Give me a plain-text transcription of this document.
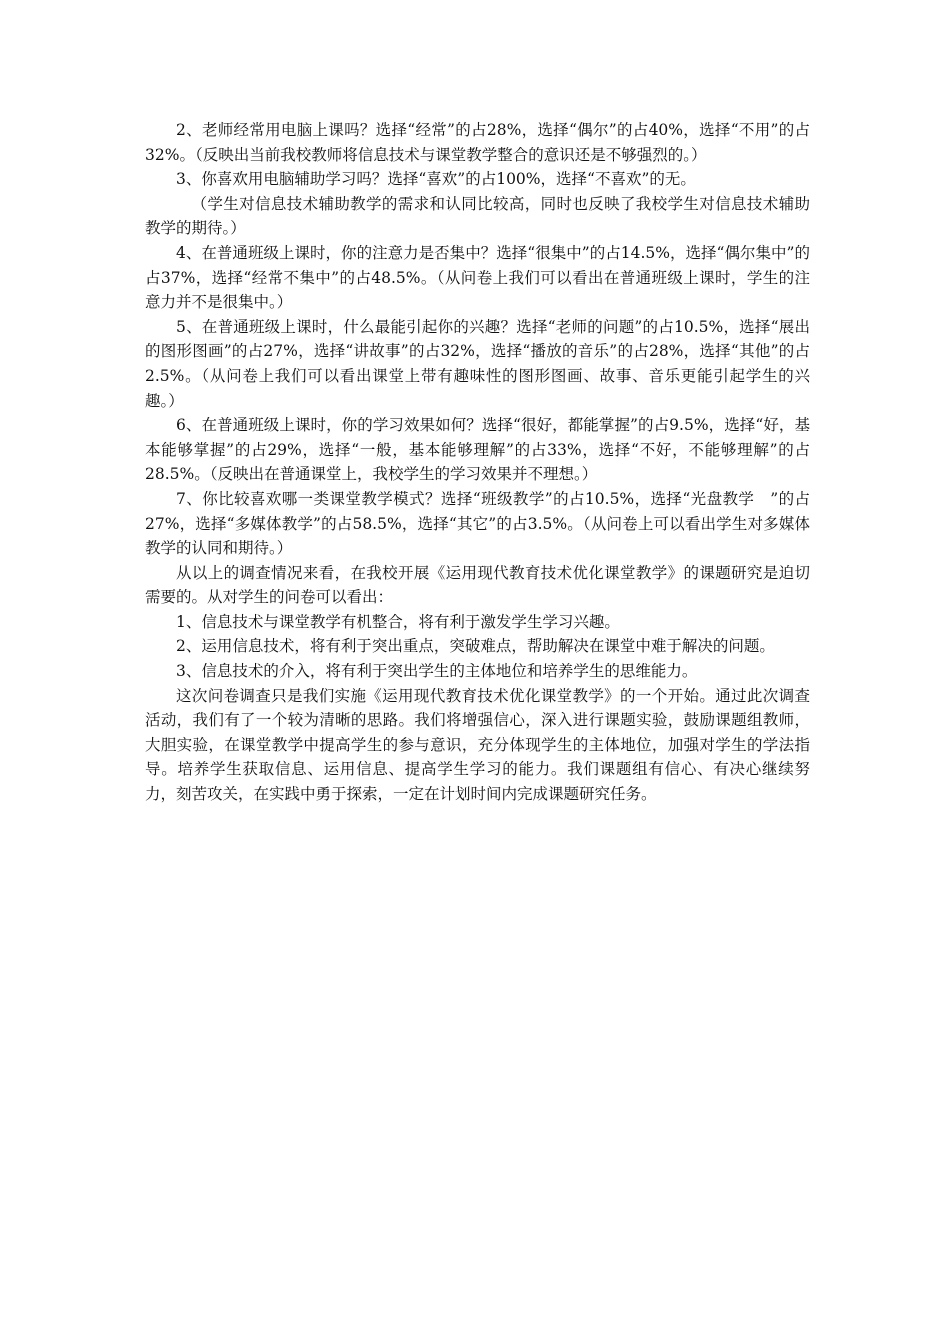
2、老师经常用电脑上课吗？选择“经常”的占28%，选择“偶尔”的占40%，选择“不用”的占32%。（反映出当前我校教师将信息技术与课堂教学整合的意识还是不够强烈的。）

3、你喜欢用电脑辅助学习吗？选择“喜欢”的占100%，选择“不喜欢”的无。

（学生对信息技术辅助教学的需求和认同比较高，同时也反映了我校学生对信息技术辅助教学的期待。）

4、在普通班级上课时，你的注意力是否集中？选择“很集中”的占14.5%，选择“偶尔集中”的占37%，选择“经常不集中”的占48.5%。（从问卷上我们可以看出在普通班级上课时，学生的注意力并不是很集中。）

5、在普通班级上课时，什么最能引起你的兴趣？选择“老师的问题”的占10.5%，选择“展出的图形图画”的占27%，选择“讲故事”的占32%，选择“播放的音乐”的占28%，选择“其他”的占2.5%。（从问卷上我们可以看出课堂上带有趣味性的图形图画、故事、音乐更能引起学生的兴趣。）

6、在普通班级上课时，你的学习效果如何？选择“很好，都能掌握”的占9.5%，选择“好，基本能够掌握”的占29%，选择“一般，基本能够理解”的占33%，选择“不好，不能够理解”的占28.5%。（反映出在普通课堂上，我校学生的学习效果并不理想。）

7、你比较喜欢哪一类课堂教学模式？选择“班级教学”的占10.5%，选择“光盘教学　”的占27%，选择“多媒体教学”的占58.5%，选择“其它”的占3.5%。（从问卷上可以看出学生对多媒体教学的认同和期待。）

从以上的调查情况来看，在我校开展《运用现代教育技术优化课堂教学》的课题研究是迫切需要的。从对学生的问卷可以看出：

1、信息技术与课堂教学有机整合，将有利于激发学生学习兴趣。

2、运用信息技术，将有利于突出重点，突破难点，帮助解决在课堂中难于解决的问题。

3、信息技术的介入，将有利于突出学生的主体地位和培养学生的思维能力。

这次问卷调查只是我们实施《运用现代教育技术优化课堂教学》的一个开始。通过此次调查活动，我们有了一个较为清晰的思路。我们将增强信心，深入进行课题实验，鼓励课题组教师，大胆实验，在课堂教学中提高学生的参与意识，充分体现学生的主体地位，加强对学生的学法指导。培养学生获取信息、运用信息、提高学生学习的能力。我们课题组有信心、有决心继续努力，刻苦攻关，在实践中勇于探索，一定在计划时间内完成课题研究任务。
